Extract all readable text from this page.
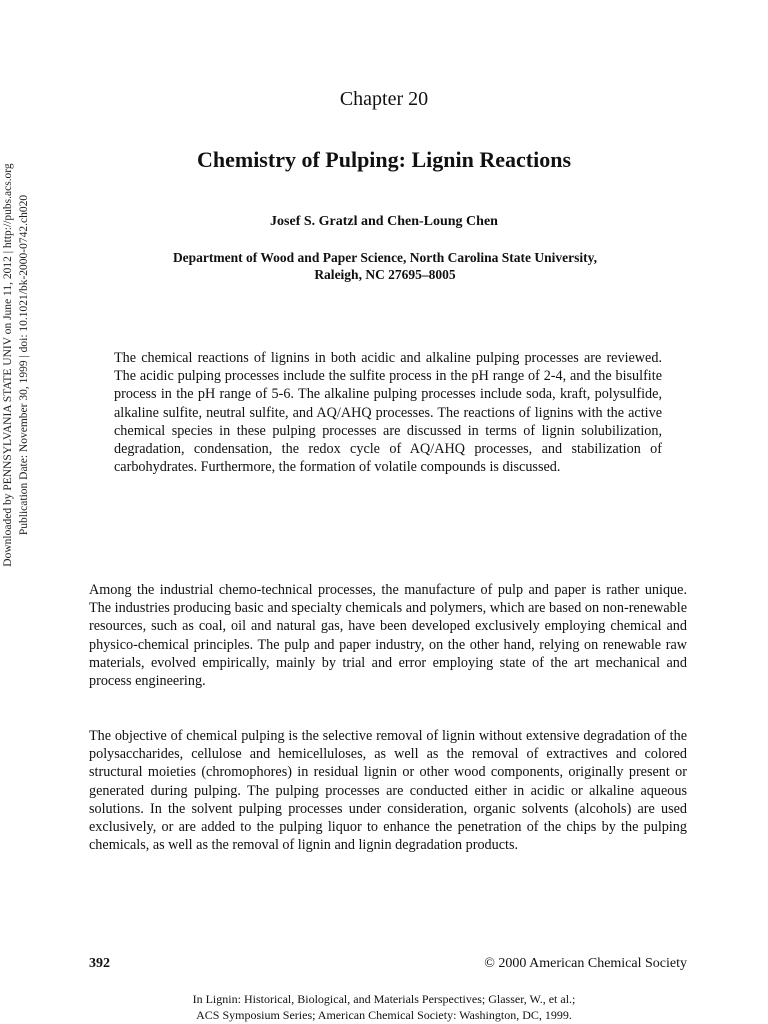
Downloaded by PENNSYLVANIA STATE UNIV on June 11, 2012 | http://pubs.acs.org Publication Date: November 30, 1999 | doi: 10.1021/bk-2000-0742.ch020
Chapter 20
Chemistry of Pulping: Lignin Reactions
Josef S. Gratzl and Chen-Loung Chen
Department of Wood and Paper Science, North Carolina State University,
Raleigh, NC 27695–8005
The chemical reactions of lignins in both acidic and alkaline pulping processes are reviewed. The acidic pulping processes include the sulfite process in the pH range of 2-4, and the bisulfite process in the pH range of 5-6. The alkaline pulping processes include soda, kraft, polysulfide, alkaline sulfite, neutral sulfite, and AQ/AHQ processes. The reactions of lignins with the active chemical species in these pulping processes are discussed in terms of lignin solubilization, degradation, condensation, the redox cycle of AQ/AHQ processes, and stabilization of carbohydrates. Furthermore, the formation of volatile compounds is discussed.
Among the industrial chemo-technical processes, the manufacture of pulp and paper is rather unique. The industries producing basic and specialty chemicals and polymers, which are based on non-renewable resources, such as coal, oil and natural gas, have been developed exclusively employing chemical and physico-chemical principles. The pulp and paper industry, on the other hand, relying on renewable raw materials, evolved empirically, mainly by trial and error employing state of the art mechanical and process engineering.
The objective of chemical pulping is the selective removal of lignin without extensive degradation of the polysaccharides, cellulose and hemicelluloses, as well as the removal of extractives and colored structural moieties (chromophores) in residual lignin or other wood components, originally present or generated during pulping. The pulping processes are conducted either in acidic or alkaline aqueous solutions. In the solvent pulping processes under consideration, organic solvents (alcohols) are used exclusively, or are added to the pulping liquor to enhance the penetration of the chips by the pulping chemicals, as well as the removal of lignin and lignin degradation products.
392	© 2000 American Chemical Society
In Lignin: Historical, Biological, and Materials Perspectives; Glasser, W., et al.;
ACS Symposium Series; American Chemical Society: Washington, DC, 1999.
